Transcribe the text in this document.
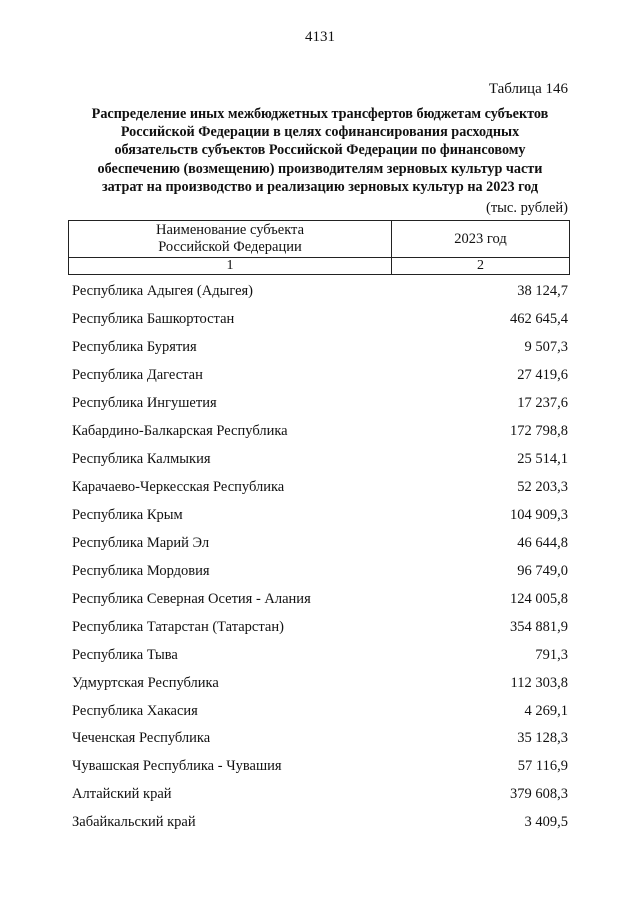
4131
Таблица 146
Распределение иных межбюджетных трансфертов бюджетам субъектов
Российской Федерации в целях софинансирования расходных
обязательств субъектов Российской Федерации по финансовому
обеспечению (возмещению) производителям зерновых культур части
затрат на производство и реализацию зерновых культур на 2023 год
(тыс. рублей)
Наименование субъекта
Российской Федерации	2023 год
1	2
Республика Адыгея (Адыгея)	38 124,7
Республика Башкортостан	462 645,4
Республика Бурятия	9 507,3
Республика Дагестан	27 419,6
Республика Ингушетия	17 237,6
Кабардино-Балкарская Республика	172 798,8
Республика Калмыкия	25 514,1
Карачаево-Черкесская Республика	52 203,3
Республика Крым	104 909,3
Республика Марий Эл	46 644,8
Республика Мордовия	96 749,0
Республика Северная Осетия - Алания	124 005,8
Республика Татарстан (Татарстан)	354 881,9
Республика Тыва	791,3
Удмуртская Республика	112 303,8
Республика Хакасия	4 269,1
Чеченская Республика	35 128,3
Чувашская Республика - Чувашия	57 116,9
Алтайский край	379 608,3
Забайкальский край	3 409,5
